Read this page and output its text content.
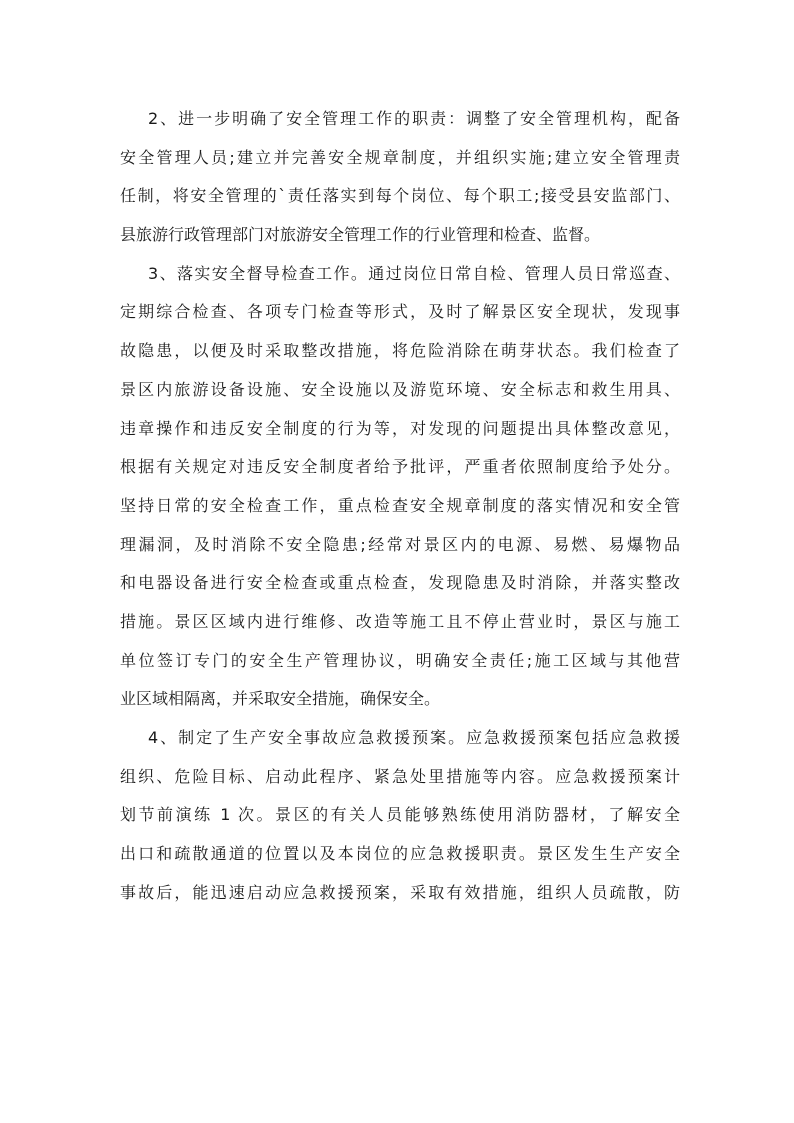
2、进一步明确了安全管理工作的职责：调整了安全管理机构，配备
安全管理人员;建立并完善安全规章制度，并组织实施;建立安全管理责
任制，将安全管理的`责任落实到每个岗位、每个职工;接受县安监部门、
县旅游行政管理部门对旅游安全管理工作的行业管理和检查、监督。
3、落实安全督导检查工作。通过岗位日常自检、管理人员日常巡查、
定期综合检查、各项专门检查等形式，及时了解景区安全现状，发现事
故隐患，以便及时采取整改措施，将危险消除在萌芽状态。我们检查了
景区内旅游设备设施、安全设施以及游览环境、安全标志和救生用具、
违章操作和违反安全制度的行为等，对发现的问题提出具体整改意见，
根据有关规定对违反安全制度者给予批评，严重者依照制度给予处分。
坚持日常的安全检查工作，重点检查安全规章制度的落实情况和安全管
理漏洞，及时消除不安全隐患;经常对景区内的电源、易燃、易爆物品
和电器设备进行安全检查或重点检查，发现隐患及时消除，并落实整改
措施。景区区域内进行维修、改造等施工且不停止营业时，景区与施工
单位签订专门的安全生产管理协议，明确安全责任;施工区域与其他营
业区域相隔离，并采取安全措施，确保安全。
4、制定了生产安全事故应急救援预案。应急救援预案包括应急救援
组织、危险目标、启动此程序、紧急处里措施等内容。应急救援预案计
划节前演练 1 次。景区的有关人员能够熟练使用消防器材，了解安全
出口和疏散通道的位置以及本岗位的应急救援职责。景区发生生产安全
事故后，能迅速启动应急救援预案，采取有效措施，组织人员疏散，防
